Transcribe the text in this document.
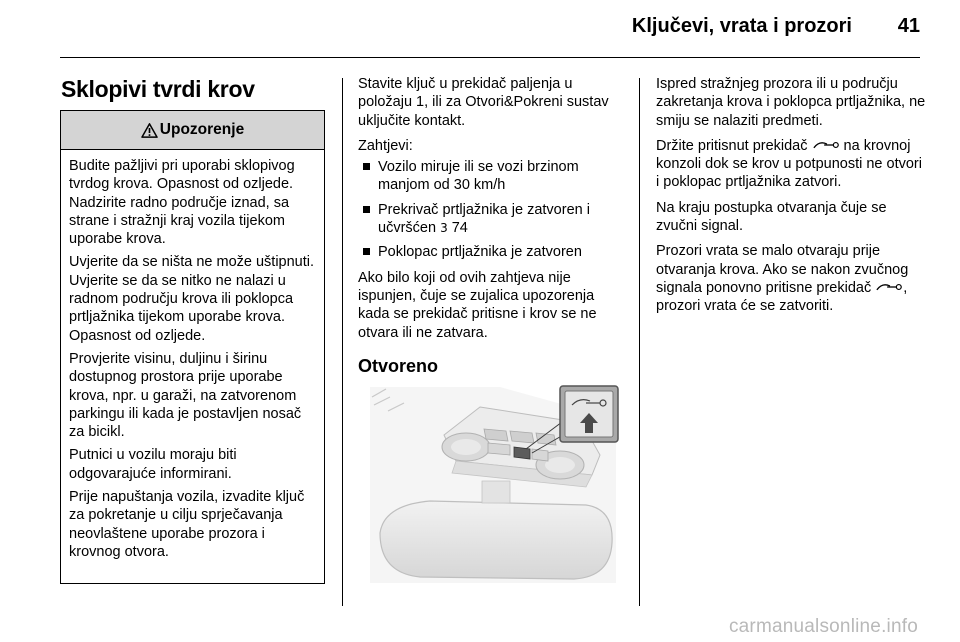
Ključevi, vrata i prozori 41
Sklopivi tvrdi krov
Upozorenje

Budite pažljivi pri uporabi sklopivog tvrdog krova. Opasnost od ozljede. Nadzirite radno područje iznad, sa strane i stražnji kraj vozila tijekom uporabe krova.

Uvjerite da se ništa ne može uštipnuti. Uvjerite se da se nitko ne nalazi u radnom području krova ili poklopca prtljažnika tijekom uporabe krova. Opasnost od ozljede.

Provjerite visinu, duljinu i širinu dostupnog prostora prije uporabe krova, npr. u garaži, na zatvorenom parkingu ili kada je postavljen nosač za bicikl.

Putnici u vozilu moraju biti odgovarajuće informirani.

Prije napuštanja vozila, izvadite ključ za pokretanje u cilju sprječavanja neovlaštene uporabe prozora i krovnog otvora.

Stavite ključ u prekidač paljenja u položaju 1, ili za Otvori&Pokreni sustav uključite kontakt.

Zahtjevi:

Vozilo miruje ili se vozi brzinom manjom od 30 km/h
Prekrivač prtljažnika je zatvoren i učvršćen 3 74
Poklopac prtljažnika je zatvoren

Ako bilo koji od ovih zahtjeva nije ispunjen, čuje se zujalica upozorenja kada se prekidač pritisne i krov se ne otvara ili ne zatvara.

Otvoreno

Ispred stražnjeg prozora ili u području zakretanja krova i poklopca prtljažnika, ne smiju se nalaziti predmeti.

Držite pritisnut prekidač  na krovnoj konzoli dok se krov u potpunosti ne otvori i poklopac prtljažnika zatvori.

Na kraju postupka otvaranja čuje se zvučni signal.

Prozori vrata se malo otvaraju prije otvaranja krova. Ako se nakon zvučnog signala ponovno pritisne prekidač , prozori vrata će se zatvoriti.

carmanualsonline.info
